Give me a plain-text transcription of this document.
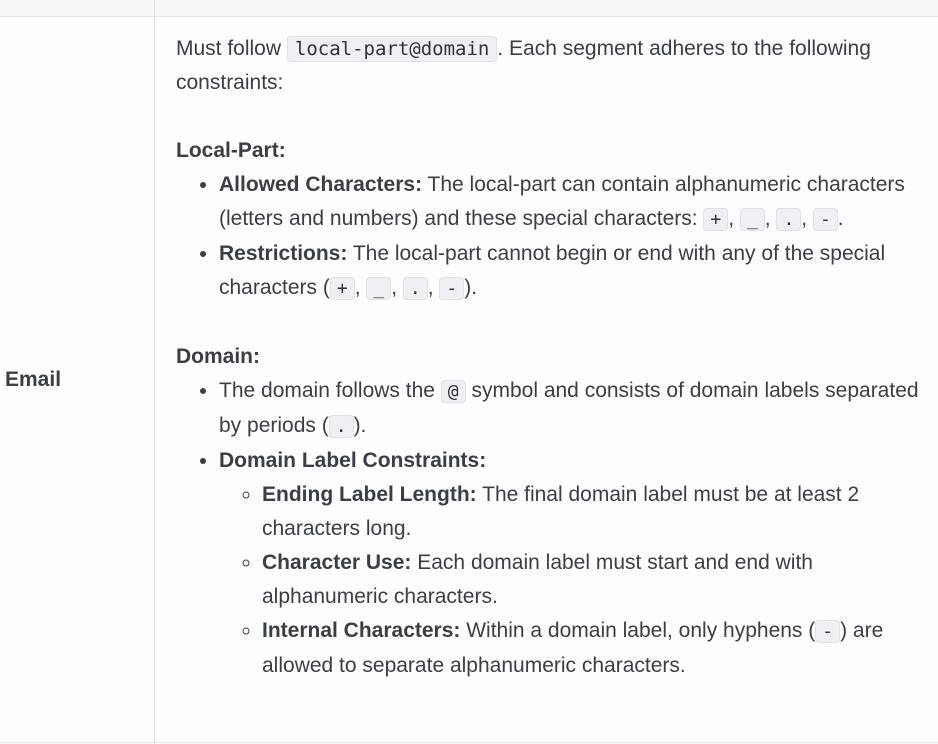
Email

Must follow local-part@domain . Each segment adheres to the following constraints:

Local-Part:

• Allowed Characters: The local-part can contain alphanumeric characters (letters and numbers) and these special characters: + , _ , . , - .
• Restrictions: The local-part cannot begin or end with any of the special characters ( + , _ , . , - ).

Domain:

• The domain follows the @ symbol and consists of domain labels separated by periods ( . ).
• Domain Label Constraints:
◦ Ending Label Length: The final domain label must be at least 2 characters long.
◦ Character Use: Each domain label must start and end with alphanumeric characters.
◦ Internal Characters: Within a domain label, only hyphens ( - ) are allowed to separate alphanumeric characters.
